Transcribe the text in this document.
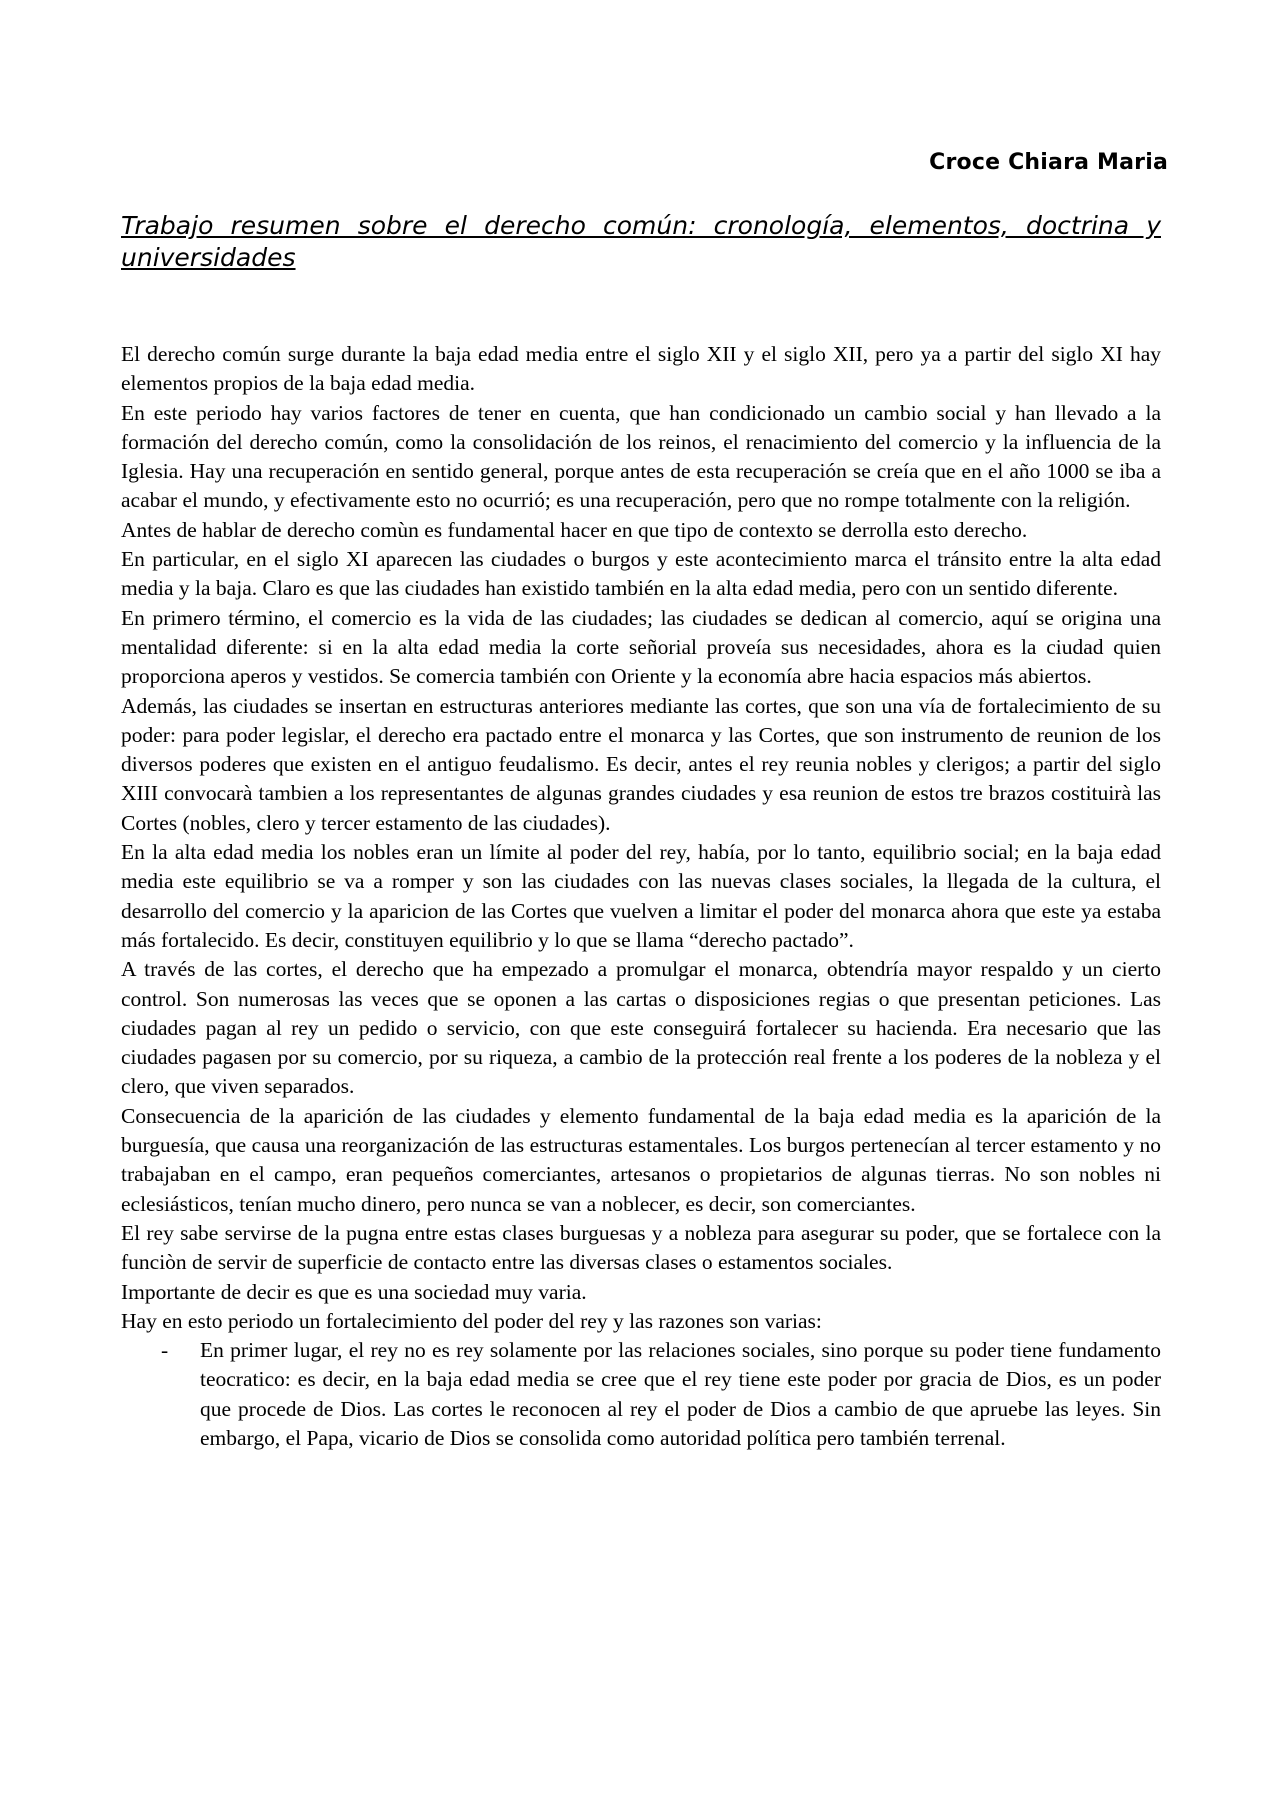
Croce Chiara Maria
Trabajo resumen sobre el derecho común: cronología, elementos, doctrina y universidades

El derecho común surge durante la baja edad media entre el siglo XII y el siglo XII, pero ya a partir del siglo XI hay elementos propios de la baja edad media.

En este periodo hay varios factores de tener en cuenta, que han condicionado un cambio social y han llevado a la formación del derecho común, como la consolidación de los reinos, el renacimiento del comercio y la influencia de la Iglesia. Hay una recuperación en sentido general, porque antes de esta recuperación se creía que en el año 1000 se iba a acabar el mundo, y efectivamente esto no ocurrió; es una recuperación, pero que no rompe totalmente con la religión.

Antes de hablar de derecho comùn es fundamental hacer en que tipo de contexto se derrolla esto derecho.

En particular, en el siglo XI aparecen las ciudades o burgos y este acontecimiento marca el tránsito entre la alta edad media y la baja. Claro es que las ciudades han existido también en la alta edad media, pero con un sentido diferente.

En primero término, el comercio es la vida de las ciudades; las ciudades se dedican al comercio, aquí se origina una mentalidad diferente: si en la alta edad media la corte señorial proveía sus necesidades, ahora es la ciudad quien proporciona aperos y vestidos. Se comercia también con Oriente y la economía abre hacia espacios más abiertos.

Además, las ciudades se insertan en estructuras anteriores mediante las cortes, que son una vía de fortalecimiento de su poder: para poder legislar, el derecho era pactado entre el monarca y las Cortes, que son instrumento de reunion de los diversos poderes que existen en el antiguo feudalismo. Es decir, antes el rey reunia nobles y clerigos; a partir del siglo XIII convocarà tambien a los representantes de algunas grandes ciudades y esa reunion de estos tre brazos costituirà las Cortes (nobles, clero y tercer estamento de las ciudades).

En la alta edad media los nobles eran un límite al poder del rey, había, por lo tanto, equilibrio social; en la baja edad media este equilibrio se va a romper y son las ciudades con las nuevas clases sociales, la llegada de la cultura, el desarrollo del comercio y la aparicion de las Cortes que vuelven a limitar el poder del monarca ahora que este ya estaba más fortalecido. Es decir, constituyen equilibrio y lo que se llama “derecho pactado”.

A través de las cortes, el derecho que ha empezado a promulgar el monarca, obtendría mayor respaldo y un cierto control. Son numerosas las veces que se oponen a las cartas o disposiciones regias o que presentan peticiones. Las ciudades pagan al rey un pedido o servicio, con que este conseguirá fortalecer su hacienda. Era necesario que las ciudades pagasen por su comercio, por su riqueza, a cambio de la protección real frente a los poderes de la nobleza y el clero, que viven separados.

Consecuencia de la aparición de las ciudades y elemento fundamental de la baja edad media es la aparición de la burguesía, que causa una reorganización de las estructuras estamentales. Los burgos pertenecían al tercer estamento y no trabajaban en el campo, eran pequeños comerciantes, artesanos o propietarios de algunas tierras. No son nobles ni eclesiásticos, tenían mucho dinero, pero nunca se van a noblecer, es decir, son comerciantes.

El rey sabe servirse de la pugna entre estas clases burguesas y a nobleza para asegurar su poder, que se fortalece con la funciòn de servir de superficie de contacto entre las diversas clases o estamentos sociales.

Importante de decir es que es una sociedad muy varia.

Hay en esto periodo un fortalecimiento del poder del rey y las razones son varias:

- En primer lugar, el rey no es rey solamente por las relaciones sociales, sino porque su poder tiene fundamento teocratico: es decir, en la baja edad media se cree que el rey tiene este poder por gracia de Dios, es un poder que procede de Dios. Las cortes le reconocen al rey el poder de Dios a cambio de que apruebe las leyes. Sin embargo, el Papa, vicario de Dios se consolida como autoridad política pero también terrenal.
